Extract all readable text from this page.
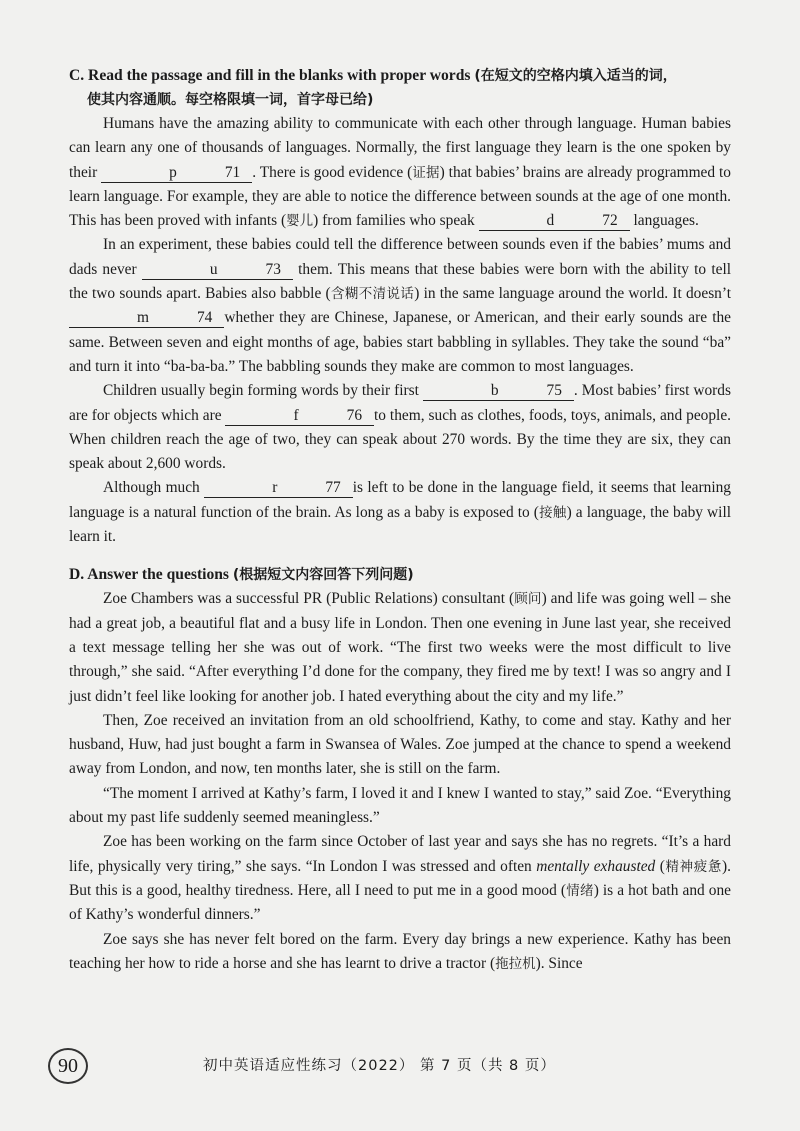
C. Read the passage and fill in the blanks with proper words (在短文的空格内填入适当的词，
使其内容通顺。每空格限填一词，首字母已给)

Humans have the amazing ability to communicate with each other through language. Human babies can learn any one of thousands of languages. Normally, the first language they learn is the one spoken by their	p	71 . There is good evidence (证据) that babies’ brains are already programmed to learn language. For example, they are able to notice the difference between sounds at the age of one month. This has been proved with infants (婴儿) from families who speak	d	72 languages.

In an experiment, these babies could tell the difference between sounds even if the babies’ mums and dads never	u	73 them. This means that these babies were born with the ability to tell the two sounds apart. Babies also babble (含糊不清说话) in the same language around the world. It doesn’t m	74 whether they are Chinese, Japanese, or American, and their early sounds are the same. Between seven and eight months of age, babies start babbling in syllables. They take the sound “ba” and turn it into “ba-ba-ba.” The babbling sounds they make are common to most languages.

Children usually begin forming words by their first	b	75 . Most babies’ first words are for objects which are	f	76 to them, such as clothes, foods, toys, animals, and people. When children reach the age of two, they can speak about 270 words. By the time they are six, they can speak about 2,600 words.

Although much	r	77 is left to be done in the language field, it seems that learning language is a natural function of the brain. As long as a baby is exposed to (接触) a language, the baby will learn it.

D. Answer the questions (根据短文内容回答下列问题)

Zoe Chambers was a successful PR (Public Relations) consultant (顾问) and life was going well – she had a great job, a beautiful flat and a busy life in London. Then one evening in June last year, she received a text message telling her she was out of work. “The first two weeks were the most difficult to live through,” she said. “After everything I’d done for the company, they fired me by text! I was so angry and I just didn’t feel like looking for another job. I hated everything about the city and my life.”

Then, Zoe received an invitation from an old schoolfriend, Kathy, to come and stay. Kathy and her husband, Huw, had just bought a farm in Swansea of Wales. Zoe jumped at the chance to spend a weekend away from London, and now, ten months later, she is still on the farm.

“The moment I arrived at Kathy’s farm, I loved it and I knew I wanted to stay,” said Zoe. “Everything about my past life suddenly seemed meaningless.”

Zoe has been working on the farm since October of last year and says she has no regrets. “It’s a hard life, physically very tiring,” she says. “In London I was stressed and often mentally exhausted (精神疲惫). But this is a good, healthy tiredness. Here, all I need to put me in a good mood (情绪) is a hot bath and one of Kathy’s wonderful dinners.”

Zoe says she has never felt bored on the farm. Every day brings a new experience. Kathy has been teaching her how to ride a horse and she has learnt to drive a tractor (拖拉机). Since

90	初中英语适应性练习（2022） 第 7 页（共 8 页）
